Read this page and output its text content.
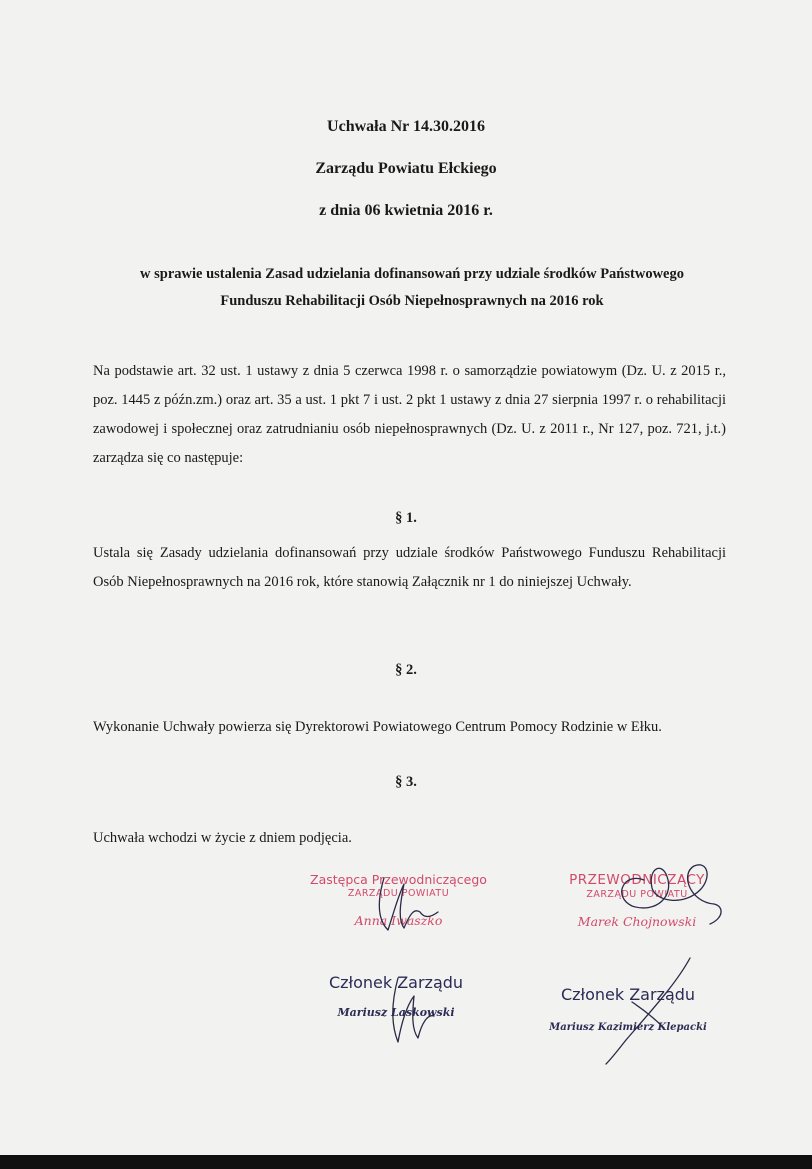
Uchwała Nr 14.30.2016
Zarządu Powiatu Ełckiego
z dnia 06 kwietnia 2016 r.
w sprawie ustalenia Zasad udzielania dofinansowań przy udziale środków Państwowego
Funduszu Rehabilitacji Osób Niepełnosprawnych na 2016 rok
Na podstawie art. 32 ust. 1 ustawy z dnia 5 czerwca 1998 r. o samorządzie powiatowym (Dz. U. z 2015 r., poz. 1445 z późn.zm.) oraz art. 35 a ust. 1 pkt 7 i ust. 2 pkt 1 ustawy z dnia 27 sierpnia 1997 r. o rehabilitacji zawodowej i społecznej oraz zatrudnianiu osób niepełnosprawnych (Dz. U. z 2011 r., Nr 127, poz. 721, j.t.) zarządza się co następuje:
§ 1.
Ustala się Zasady udzielania dofinansowań przy udziale środków Państwowego Funduszu Rehabilitacji Osób Niepełnosprawnych na 2016 rok, które stanowią Załącznik nr 1 do niniejszej Uchwały.
§ 2.
Wykonanie Uchwały powierza się Dyrektorowi Powiatowego Centrum Pomocy Rodzinie w Ełku.
§ 3.
Uchwała wchodzi w życie z dniem podjęcia.
Zastępca Przewodniczącego
ZARZĄDU POWIATU
Anna Iwaszko
PRZEWODNICZĄCY
ZARZĄDU POWIATU
Marek Chojnowski
Członek Zarządu
Mariusz Laskowski
Członek Zarządu
Mariusz Kazimierz Klepacki
